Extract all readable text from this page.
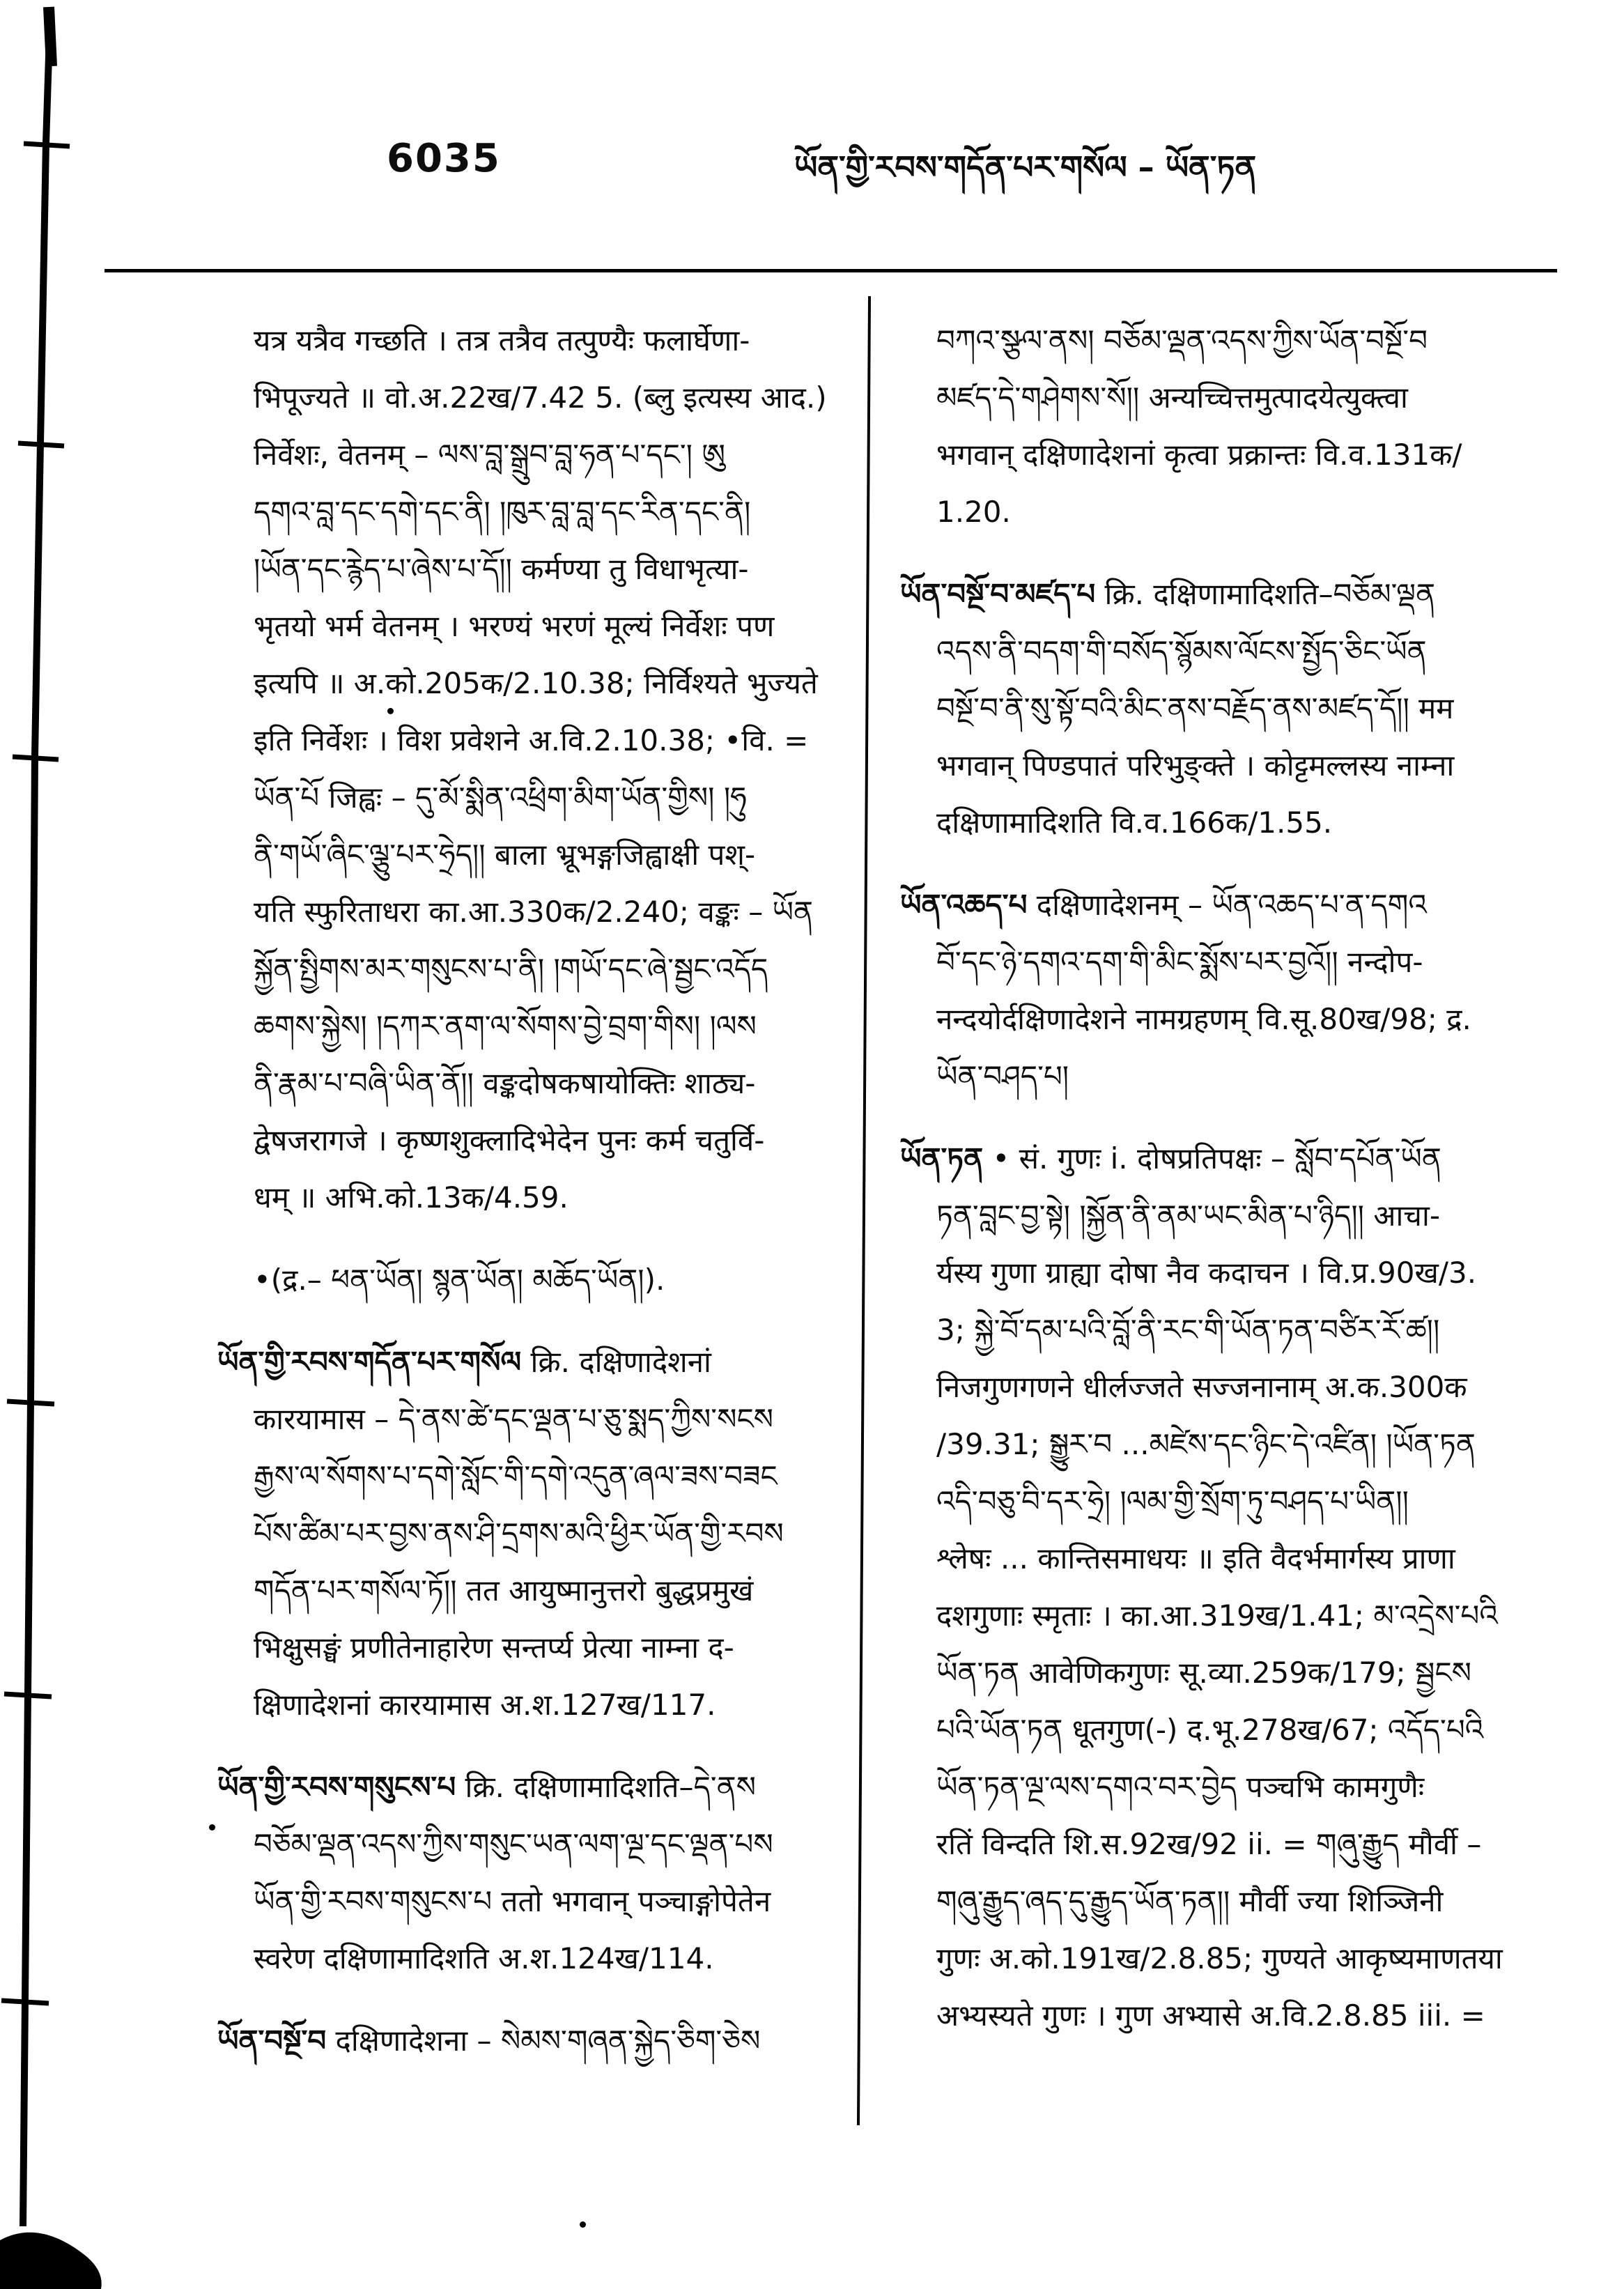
6035	ཡོན་གྱི་རབས་གདོན་པར་གསོལ – ཡོན་ཏན
यत्र यत्रैव गच्छति । तत्र तत्रैव तत्पुण्यैः फलार्घेणा-
भिपूज्यते ॥ वो.अ.22ख/7.42 5. (ब्लु इत्यस्य आद.)
निर्वेशः, वेतनम् – ལས་བླ་སྒྲུབ་བླ་ཧན་པ་དང་། ཨུ
དགའ་བླ་དང་དགེ་དང་ནི། །ཁུར་བླ་བླ་དང་རིན་དང་ནི།
།ཡོན་དང་རྙེད་པ་ཞེས་པ་དོ།། कर्मण्या तु विधाभृत्या-
भृतयो भर्म वेतनम् । भरण्यं भरणं मूल्यं निर्वेशः पण
इत्यपि ॥ अ.को.205क/2.10.38; निर्विश्यते भुज्यते
इति निर्वेशः । विश प्रवेशने अ.वि.2.10.38; •वि. =
ཡོན་པོ जिह्वः – དུ་མོ་སྨིན་འཕྲིག་མིག་ཡོན་གྱིས། །ཧུ
ནི་གཡོ་ཞིང་ལྕུ་པར་ཧྲེད།། बाला भ्रूभङ्गजिह्वाक्षी पश्-
यति स्फुरिताधरा का.आ.330क/2.240; वङ्कः – ཡོན
སྐྱོན་སྤྱིགས་མར་གསུངས་པ་ནི། །གཡོ་དང་ཞེ་སྦྱང་འདོད
ཆགས་སྐྱེས། །དཀར་ནག་ལ་སོགས་བྱེ་བྲག་གིས། །ལས
ནི་རྣམ་པ་བཞི་ཡིན་ནོ།། वङ्कदोषकषायोक्तिः शाठ्य-
द्वेषजरागजे । कृष्णशुक्लादिभेदेन पुनः कर्म चतुर्वि-
धम् ॥ अभि.को.13क/4.59.
•(द्र.– ཕན་ཡོན། སྙན་ཡོན། མཆོད་ཡོན།).
ཡོན་གྱི་རབས་གདོན་པར་གསོལ क्रि. दक्षिणादेशनां
कारयामास – དེ་ནས་ཚེ་དང་ལྡན་པ་ཅུ་སྨད་ཀྱིས་སངས
རྒྱས་ལ་སོགས་པ་དགེ་སློང་གི་དགེ་འདུན་ཞལ་ཟས་བཟང
པོས་ཚིམ་པར་བྱས་ནས་ཤི་དྲགས་མའི་ཕྱིར་ཡོན་གྱི་རབས
གདོན་པར་གསོལ་ཏོ།། तत आयुष्मानुत्तरो बुद्धप्रमुखं
भिक्षुसङ्घं प्रणीतेनाहारेण सन्तर्प्य प्रेत्या नाम्ना द-
क्षिणादेशनां कारयामास अ.श.127ख/117.
ཡོན་གྱི་རབས་གསུངས་པ क्रि. दक्षिणामादिशति–དེ་ནས
བཅོམ་ལྡན་འདས་ཀྱིས་གསུང་ཡན་ལག་ལྔ་དང་ལྡན་པས
ཡོན་གྱི་རབས་གསུངས་པ ततो भगवान् पञ्चाङ्गोपेतेन
स्वरेण दक्षिणामादिशति अ.श.124ख/114.
ཡོན་བསྔོ་བ दक्षिणादेशना – སེམས་གཞན་སྐྱེད་ཅིག་ཅེས
བཀའ་སྩལ་ནས། བཅོམ་ལྡན་འདས་ཀྱིས་ཡོན་བསྔོ་བ
མཛད་དེ་གཤེགས་སོ།། अन्यच्चित्तमुत्पादयेत्युक्त्वा
भगवान् दक्षिणादेशनां कृत्वा प्रक्रान्तः वि.व.131क/
1.20.
ཡོན་བསྔོ་བ་མཛད་པ क्रि. दक्षिणामादिशति–བཅོམ་ལྡན
འདས་ནི་བདག་གི་བསོད་སྙོམས་ལོངས་སྤྱོད་ཅིང་ཡོན
བསྔོ་བ་ནི་སུ་སྟོ་བའི་མིང་ནས་བརྗོད་ནས་མཛད་དོ།། मम
भगवान् पिण्डपातं परिभुङ्क्ते । कोट्टमल्लस्य नाम्ना
दक्षिणामादिशति वि.व.166क/1.55.
ཡོན་འཆད་པ दक्षिणादेशनम् – ཡོན་འཆད་པ་ན་དགའ
བོ་དང་ཉེ་དགའ་དག་གི་མིང་སྨོས་པར་བྱའོ།། नन्दोप-
नन्दयोर्दक्षिणादेशने नामग्रहणम् वि.सू.80ख/98; द्र.
ཡོན་བཤད་པ།
ཡོན་ཏན • सं. गुणः i. दोषप्रतिपक्षः – སློབ་དཔོན་ཡོན
ཏན་བླང་བྱ་སྟེ། །སྐྱོན་ནི་ནམ་ཡང་མིན་པ་ཉིད།། आचा-
र्यस्य गुणा ग्राह्या दोषा नैव कदाचन । वि.प्र.90ख/3.
3; སྐྱེ་བོ་དམ་པའི་བློ་ནི་རང་གི་ཡོན་ཏན་བཙིར་རོ་ཚ།།
निजगुणगणने धीर्लज्जते सज्जनानाम् अ.क.300क
/39.31; སྒྱུར་བ ...མཛེས་དང་ཉིང་དེ་འཛིན། །ཡོན་ཏན
འདི་བཅུ་བི་དར་ཧྲེ། །ལམ་གྱི་སྲོག་ཏུ་བཤད་པ་ཡིན།།
श्लेषः ... कान्तिसमाधयः ॥ इति वैदर्भमार्गस्य प्राणा
दशगुणाः स्मृताः । का.आ.319ख/1.41; མ་འདྲེས་པའི
ཡོན་ཏན आवेणिकगुणः सू.व्या.259क/179; སྦྱངས
པའི་ཡོན་ཏན धूतगुण(-) द.भू.278ख/67; འདོད་པའི
ཡོན་ཏན་ལྔ་ལས་དགའ་བར་བྱེད पञ्चभि कामगुणैः
रतिं विन्दति शि.स.92ख/92 ii. = གཞུ་རྒྱུད मौर्वी –
གཞུ་རྒྱུད་ཞད་དུ་རྒྱུད་ཡོན་ཏན།། मौर्वी ज्या शिञ्जिनी
गुणः अ.को.191ख/2.8.85; गुण्यते आकृष्यमाणतया
अभ्यस्यते गुणः । गुण अभ्यासे अ.वि.2.8.85 iii. =
